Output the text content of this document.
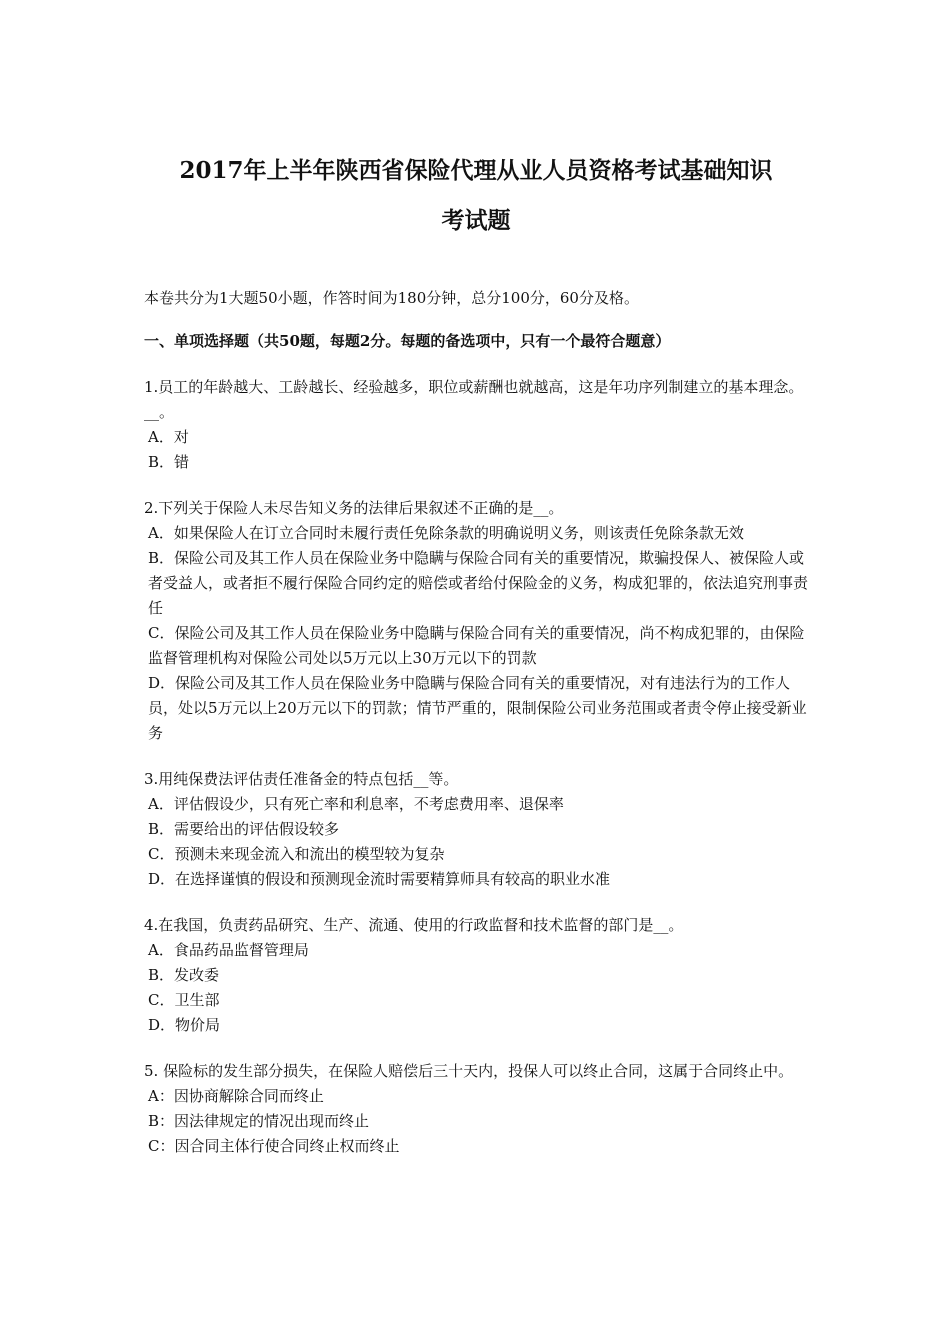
2017年上半年陕西省保险代理从业人员资格考试基础知识
考试题
本卷共分为1大题50小题，作答时间为180分钟，总分100分，60分及格。
一、单项选择题（共50题，每题2分。每题的备选项中，只有一个最符合题意）
1.员工的年龄越大、工龄越长、经验越多，职位或薪酬也就越高，这是年功序列制建立的基本理念。__。
A．对
B．错
2.下列关于保险人未尽告知义务的法律后果叙述不正确的是__。
A．如果保险人在订立合同时未履行责任免除条款的明确说明义务，则该责任免除条款无效
B．保险公司及其工作人员在保险业务中隐瞒与保险合同有关的重要情况，欺骗投保人、被保险人或者受益人，或者拒不履行保险合同约定的赔偿或者给付保险金的义务，构成犯罪的，依法追究刑事责任
C．保险公司及其工作人员在保险业务中隐瞒与保险合同有关的重要情况，尚不构成犯罪的，由保险监督管理机构对保险公司处以5万元以上30万元以下的罚款
D．保险公司及其工作人员在保险业务中隐瞒与保险合同有关的重要情况，对有违法行为的工作人员，处以5万元以上20万元以下的罚款；情节严重的，限制保险公司业务范围或者责令停止接受新业务
3.用纯保费法评估责任准备金的特点包括__等。
A．评估假设少，只有死亡率和利息率，不考虑费用率、退保率
B．需要给出的评估假设较多
C．预测未来现金流入和流出的模型较为复杂
D．在选择谨慎的假设和预测现金流时需要精算师具有较高的职业水准
4.在我国，负责药品研究、生产、流通、使用的行政监督和技术监督的部门是__。
A．食品药品监督管理局
B．发改委
C．卫生部
D．物价局
5. 保险标的发生部分损失，在保险人赔偿后三十天内，投保人可以终止合同，这属于合同终止中。
A：因协商解除合同而终止
B：因法律规定的情况出现而终止
C：因合同主体行使合同终止权而终止
